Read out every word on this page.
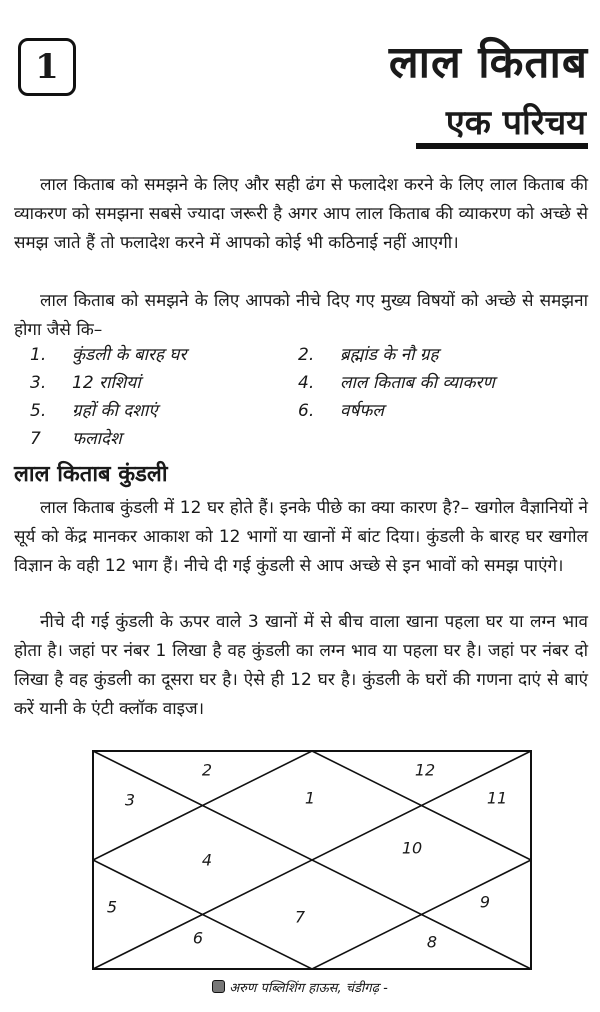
1	लाल किताब
एक परिचय

लाल किताब को समझने के लिए और सही ढंग से फलादेश करने के लिए लाल किताब की व्याकरण को समझना सबसे ज्यादा जरूरी है अगर आप लाल किताब की व्याकरण को अच्छे से समझ जाते हैं तो फलादेश करने में आपको कोई भी कठिनाई नहीं आएगी।

लाल किताब को समझने के लिए आपको नीचे दिए गए मुख्य विषयों को अच्छे से समझना होगा जैसे कि–

1. कुंडली के बारह घर	2. ब्रह्मांड के नौ ग्रह
3. 12 राशियां	4. लाल किताब की व्याकरण
5. ग्रहों की दशाएं	6. वर्षफल
7 फलादेश
लाल किताब कुंडली

लाल किताब कुंडली में 12 घर होते हैं। इनके पीछे का क्या कारण है?– खगोल वैज्ञानियों ने सूर्य को केंद्र मानकर आकाश को 12 भागों या खानों में बांट दिया। कुंडली के बारह घर खगोल विज्ञान के वही 12 भाग हैं। नीचे दी गई कुंडली से आप अच्छे से इन भावों को समझ पाएंगे।

नीचे दी गई कुंडली के ऊपर वाले 3 खानों में से बीच वाला खाना पहला घर या लग्न भाव होता है। जहां पर नंबर 1 लिखा है वह कुंडली का लग्न भाव या पहला घर है। जहां पर नंबर दो लिखा है वह कुंडली का दूसरा घर है। ऐसे ही 12 घर है। कुंडली के घरों की गणना दाएं से बाएं करें यानी के एंटी क्लॉक वाइज।

1
2
3
4
5
6
7
8
9
10
11
12
अरुण पब्लिशिंग हाऊस, चंडीगढ़ -
